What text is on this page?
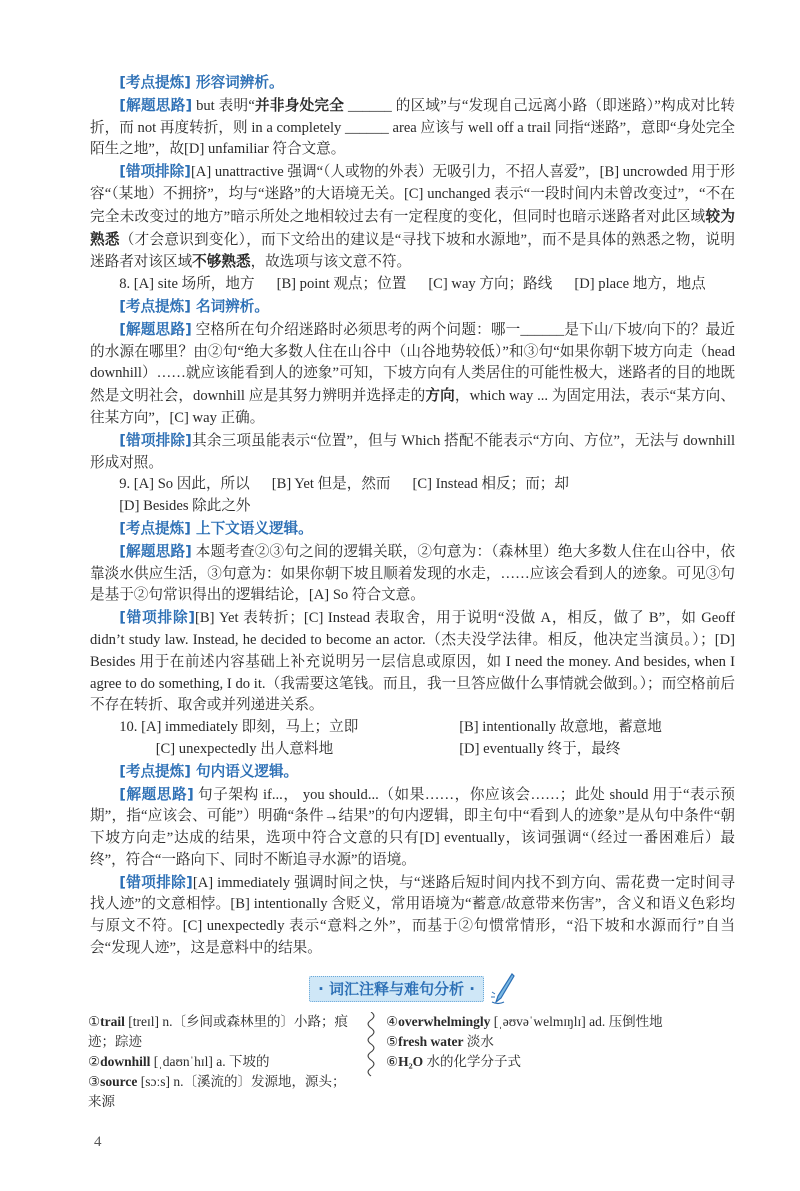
[考点提炼] 形容词辨析。

[解题思路] but 表明“并非身处完全 ______ 的区域”与“发现自己远离小路（即迷路）”构成对比转折，而 not 再度转折，则 in a completely ______ area 应该与 well off a trail 同指“迷路”，意即“身处完全陌生之地”，故[D] unfamiliar 符合文意。

[错项排除][A] unattractive 强调“（人或物的外表）无吸引力，不招人喜爱”，[B] uncrowded 用于形容“（某地）不拥挤”，均与“迷路”的大语境无关。[C] unchanged 表示“一段时间内未曾改变过”，“不在完全未改变过的地方”暗示所处之地相较过去有一定程度的变化，但同时也暗示迷路者对此区域较为熟悉（才会意识到变化），而下文给出的建议是“寻找下坡和水源地”，而不是具体的熟悉之物，说明迷路者对该区域不够熟悉，故选项与该文意不符。

8. [A] site 场所，地方 [B] point 观点；位置 [C] way 方向；路线 [D] place 地方，地点

[考点提炼] 名词辨析。

[解题思路] 空格所在句介绍迷路时必须思考的两个问题：哪一______是下山/下坡/向下的？最近的水源在哪里？由②句“绝大多数人住在山谷中（山谷地势较低）”和③句“如果你朝下坡方向走（head downhill）……就应该能看到人的迹象”可知，下坡方向有人类居住的可能性极大，迷路者的目的地既然是文明社会，downhill 应是其努力辨明并选择走的方向，which way ... 为固定用法，表示“某方向、往某方向”，[C] way 正确。

[错项排除]其余三项虽能表示“位置”，但与 Which 搭配不能表示“方向、方位”，无法与 downhill 形成对照。

9. [A] So 因此，所以 [B] Yet 但是，然而 [C] Instead 相反；而；却
[D] Besides 除此之外

[考点提炼] 上下文语义逻辑。

[解题思路] 本题考查②③句之间的逻辑关联，②句意为：（森林里）绝大多数人住在山谷中，依靠淡水供应生活，③句意为：如果你朝下坡且顺着发现的水走，……应该会看到人的迹象。可见③句是基于②句常识得出的逻辑结论，[A] So 符合文意。

[错项排除][B] Yet 表转折；[C] Instead 表取舍，用于说明“没做 A，相反，做了 B”，如 Geoff didn’t study law. Instead, he decided to become an actor.（杰夫没学法律。相反，他决定当演员。）；[D] Besides 用于在前述内容基础上补充说明另一层信息或原因，如 I need the money. And besides, when I agree to do something, I do it.（我需要这笔钱。而且，我一旦答应做什么事情就会做到。）；而空格前后不存在转折、取舍或并列递进关系。

10. [A] immediately 即刻，马上；立即	[B] intentionally 故意地，蓄意地
[C] unexpectedly 出人意料地	[D] eventually 终于，最终

[考点提炼] 句内语义逻辑。

[解题思路] 句子架构 if...， you should...（如果……，你应该会……；此处 should 用于“表示预期”，指“应该会、可能”）明确“条件→结果”的句内逻辑，即主句中“看到人的迹象”是从句中条件“朝下坡方向走”达成的结果，选项中符合文意的只有[D] eventually，该词强调“（经过一番困难后）最终”，符合“一路向下、同时不断追寻水源”的语境。

[错项排除][A] immediately 强调时间之快，与“迷路后短时间内找不到方向、需花费一定时间寻找人迹”的文意相悖。[B] intentionally 含贬义，常用语境为“蓄意/故意带来伤害”，含义和语义色彩均与原文不符。[C] unexpectedly 表示“意料之外”，而基于②句惯常情形，“沿下坡和水源而行”自当会“发现人迹”，这是意料中的结果。

· 词汇注释与难句分析 ·
①trail [treɪl] n.〔乡间或森林里的〕小路；痕迹；踪迹
②downhill [ˌdaʊnˈhɪl] a. 下坡的
③source [sɔːs] n.〔溪流的〕发源地，源头；来源
④overwhelmingly [ˌəʊvəˈwelmɪŋlɪ] ad. 压倒性地
⑤fresh water 淡水
⑥H₂O 水的化学分子式
4
